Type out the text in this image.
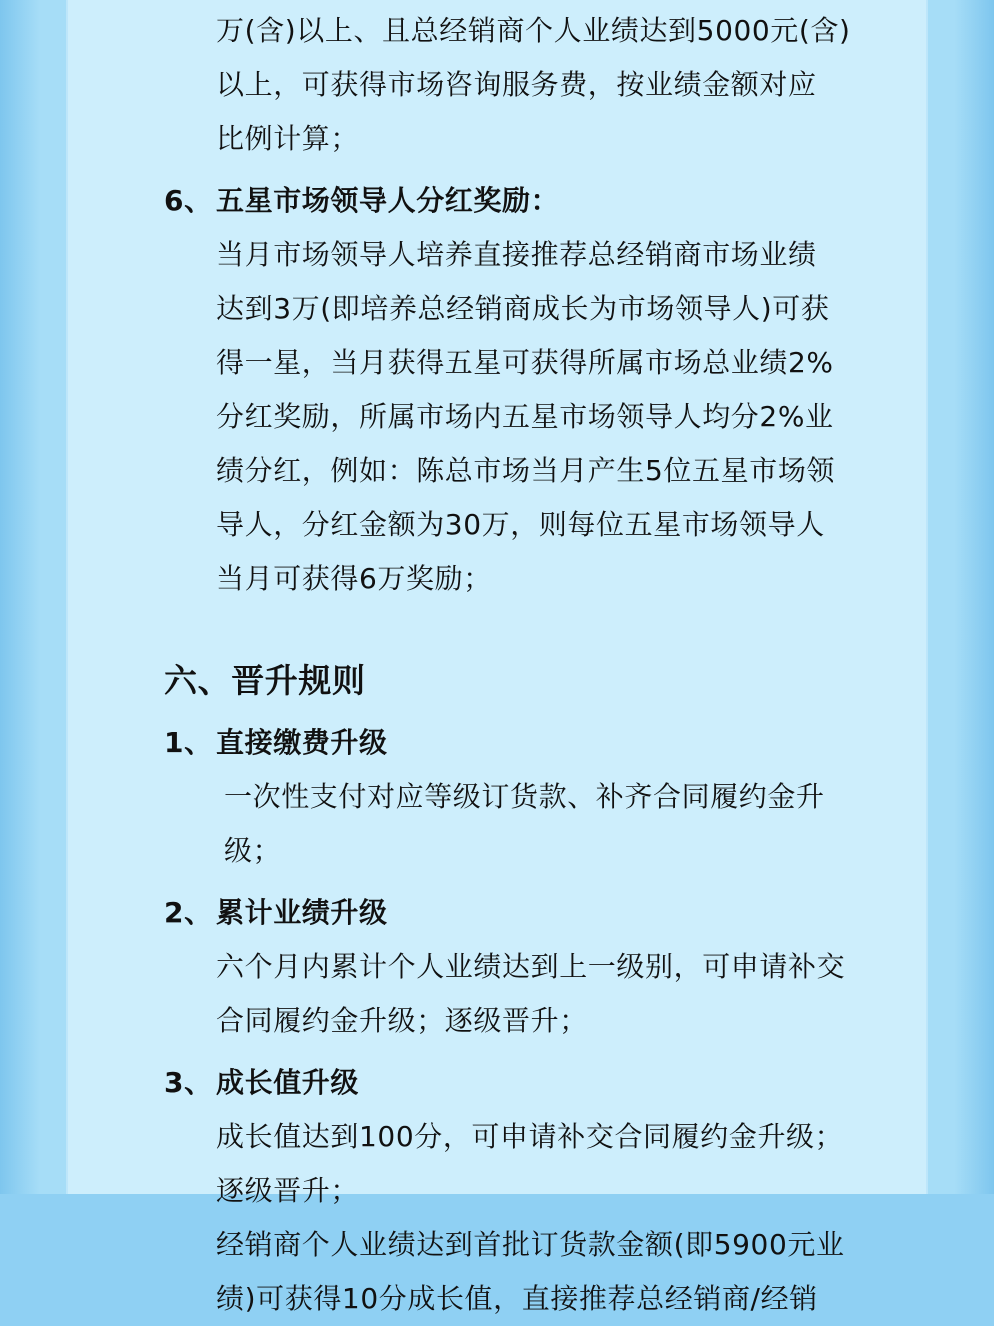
万(含)以上、且总经销商个人业绩达到5000元(含)

以上，可获得市场咨询服务费，按业绩金额对应

比例计算；

6、 五星市场领导人分红奖励：

当月市场领导人培养直接推荐总经销商市场业绩

达到3万(即培养总经销商成长为市场领导人)可获

得一星，当月获得五星可获得所属市场总业绩2%

分红奖励，所属市场内五星市场领导人均分2%业

绩分红，例如：陈总市场当月产生5位五星市场领

导人，分红金额为30万，则每位五星市场领导人

当月可获得6万奖励；

六、晋升规则

1、 直接缴费升级

一次性支付对应等级订货款、补齐合同履约金升级；

2、 累计业绩升级

六个月内累计个人业绩达到上一级别，可申请补交

合同履约金升级；逐级晋升；

3、 成长值升级

成长值达到100分，可申请补交合同履约金升级；

逐级晋升；

经销商个人业绩达到首批订货款金额(即5900元业

绩)可获得10分成长值，直接推荐总经销商/经销
